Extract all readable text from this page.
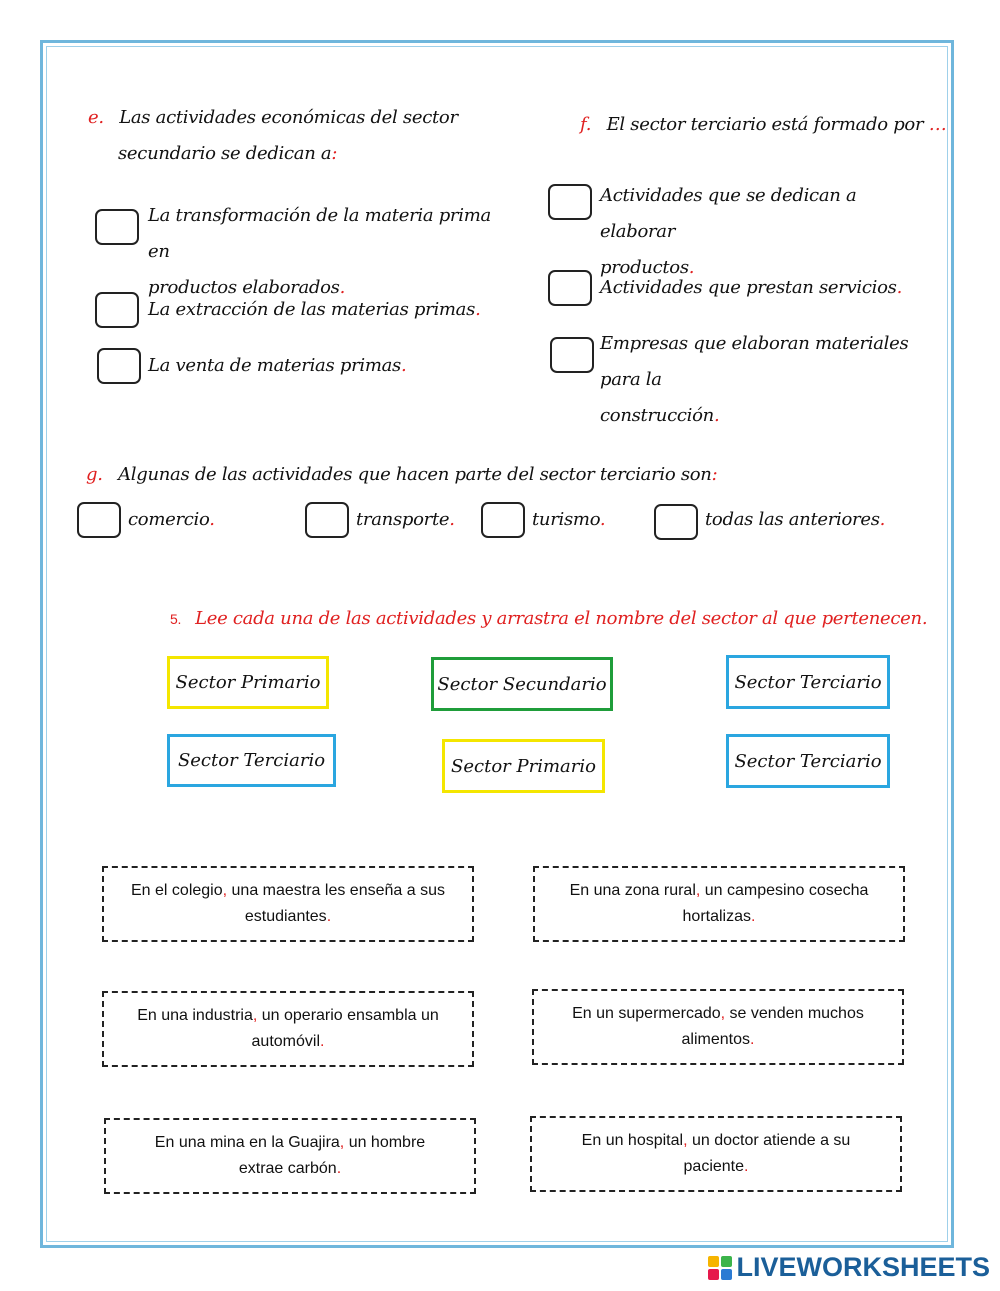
e. Las actividades económicas del sector
secundario se dedican a:
La transformación de la materia prima en
productos elaborados.
La extracción de las materias primas.
La venta de materias primas.
f. El sector terciario está formado por …
Actividades que se dedican a elaborar
productos.
Actividades que prestan servicios.
Empresas que elaboran materiales para la
construcción.
g. Algunas de las actividades que hacen parte del sector terciario son:
comercio.	transporte.	turismo.	todas las anteriores.
5. Lee cada una de las actividades y arrastra el nombre del sector al que pertenecen.
Sector Primario	Sector Secundario	Sector Terciario
Sector Terciario	Sector Primario	Sector Terciario
En el colegio, una maestra les enseña a sus
estudiantes.
En una zona rural, un campesino cosecha
hortalizas.
En una industria, un operario ensambla un
automóvil.
En un supermercado, se venden muchos
alimentos.
En una mina en la Guajira, un hombre
extrae carbón.
En un hospital, un doctor atiende a su
paciente.
LIVEWORKSHEETS
